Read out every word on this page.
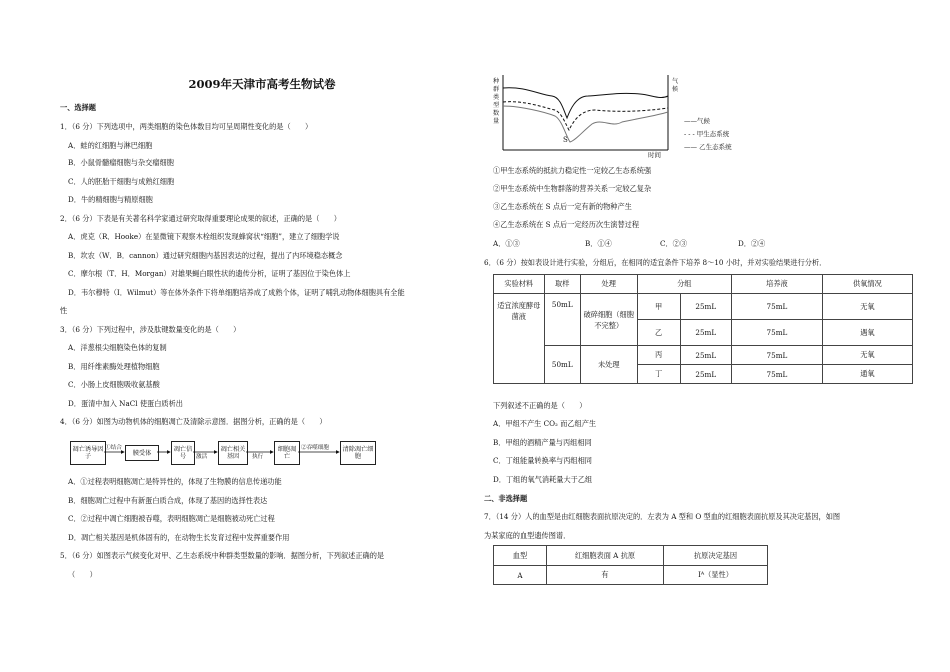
2009年天津市高考生物试卷
一、选择题
1．（6 分）下列选项中，两类细胞的染色体数目均可呈周期性变化的是（　　）
A．蛙的红细胞与淋巴细胞
B．小鼠骨髓瘤细胞与杂交瘤细胞
C．人的胚胎干细胞与成熟红细胞
D．牛的精细胞与精原细胞
2．（6 分）下表是有关著名科学家通过研究取得重要理论成果的叙述，正确的是（　　）
A．虎克（R．Hooke）在显微镜下观察木栓组织发现蜂窝状“细胞”，建立了细胞学说
B．坎农（W．B．cannon）通过研究细胞内基因表达的过程，提出了内环境稳态概念
C．摩尔根（T．H．Morgan）对雄果蝇白眼性状的遗传分析，证明了基因位于染色体上
D．韦尔穆特（I．Wilmut）等在体外条件下将单细胞培养成了成熟个体，证明了哺乳动物体细胞具有全能
性
3．（6 分）下列过程中，涉及肽键数量变化的是（　　）
A．洋葱根尖细胞染色体的复制
B．用纤维素酶处理植物细胞
C．小肠上皮细胞吸收氨基酸
D．蛋清中加入 NaCl 使蛋白质析出
4．（6 分）如图为动物机体的细胞凋亡及清除示意图．据图分析，正确的是（　　）
凋亡诱导因子	膜受体	凋亡信号
凋亡相关基因
细胞凋亡
清除凋亡细胞
①结合
激活	执行
②吞噬细胞
A．①过程表明细胞凋亡是特异性的，体现了生物膜的信息传递功能
B．细胞凋亡过程中有新蛋白质合成，体现了基因的选择性表达
C．②过程中凋亡细胞被吞噬，表明细胞凋亡是细胞被动死亡过程
D．凋亡相关基因是机体固有的，在动物生长发育过程中发挥重要作用
5．（6 分）如图表示气候变化对甲、乙生态系统中种群类型数量的影响．据图分析，下列叙述正确的是
（　　）
种群类型数量
气候
S
时间
——气候
- - - 甲生态系统
—— 乙生态系统
①甲生态系统的抵抗力稳定性一定较乙生态系统强
②甲生态系统中生物群落的营养关系一定较乙复杂
③乙生态系统在 S 点后一定有新的物种产生
④乙生态系统在 S 点后一定经历次生演替过程
A．①③	B．①④	C．②③	D．②④
6．（6 分）按如表设计进行实验，分组后，在相同的适宜条件下培养 8～10 小时，并对实验结果进行分析．
实验材料	取样	处理	分组		培养液	供氧情况
适宜浓度酵母菌液	50mL	破碎细胞（细胞不完整）	甲	25mL	75mL	无氧
			乙	25mL	75mL	遇氧
	50mL	未处理	丙	25mL	75mL	无氧
			丁	25mL	75mL	通氧
下列叙述不正确的是（　　）
A．甲组不产生 CO₂ 而乙组产生
B．甲组的酒精产量与丙组相同
C．丁组能量转换率与丙组相同
D．丁组的氧气消耗量大于乙组
二、非选择题
7．（14 分）人的血型是由红细胞表面抗原决定的．左表为 A 型和 O 型血的红细胞表面抗原及其决定基因，如图
为某家庭的血型遗传图谱．
血型	红细胞表面 A 抗原	抗原决定基因
A	有	Iᴬ（显性）
